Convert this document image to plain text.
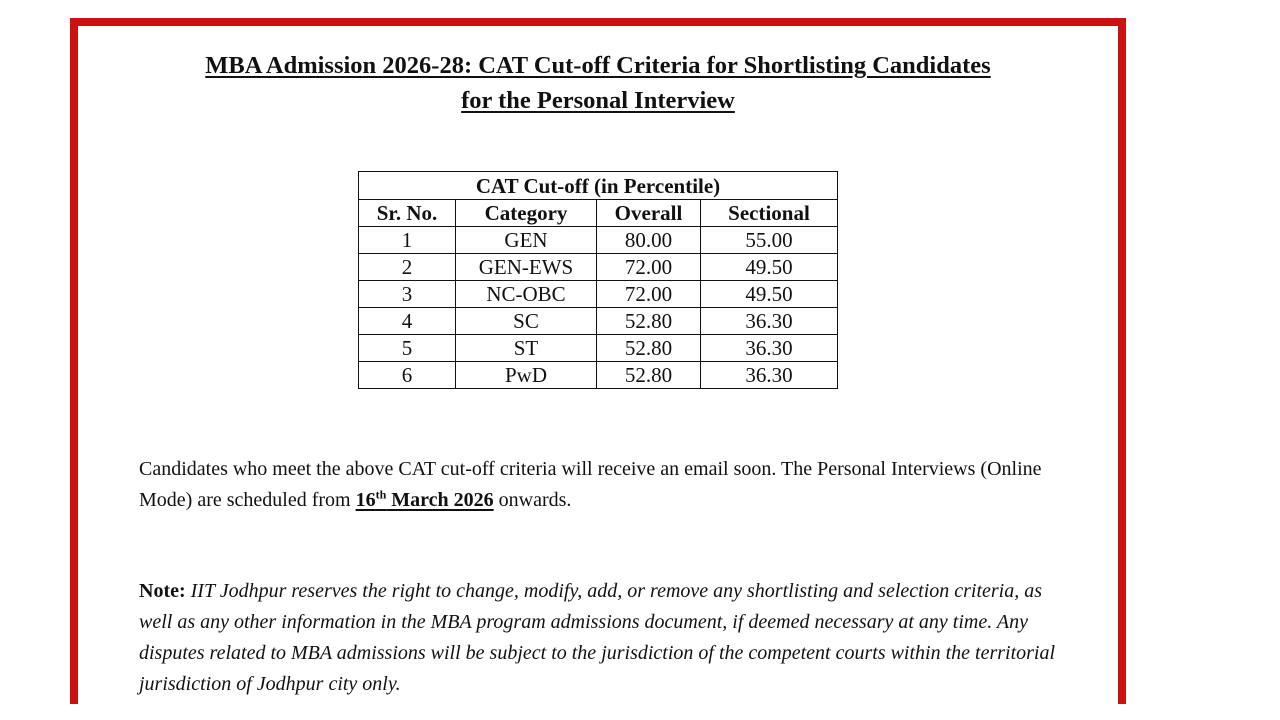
MBA Admission 2026-28: CAT Cut-off Criteria for Shortlisting Candidates
for the Personal Interview
CAT Cut-off (in Percentile)			
Sr. No.	Category	Overall	Sectional
1	GEN	80.00	55.00
2	GEN-EWS	72.00	49.50
3	NC-OBC	72.00	49.50
4	SC	52.80	36.30
5	ST	52.80	36.30
6	PwD	52.80	36.30
Candidates who meet the above CAT cut-off criteria will receive an email soon. The Personal Interviews (Online Mode) are scheduled from 16th March 2026 onwards.
Note: IIT Jodhpur reserves the right to change, modify, add, or remove any shortlisting and selection criteria, as well as any other information in the MBA program admissions document, if deemed necessary at any time. Any disputes related to MBA admissions will be subject to the jurisdiction of the competent courts within the territorial jurisdiction of Jodhpur city only.
